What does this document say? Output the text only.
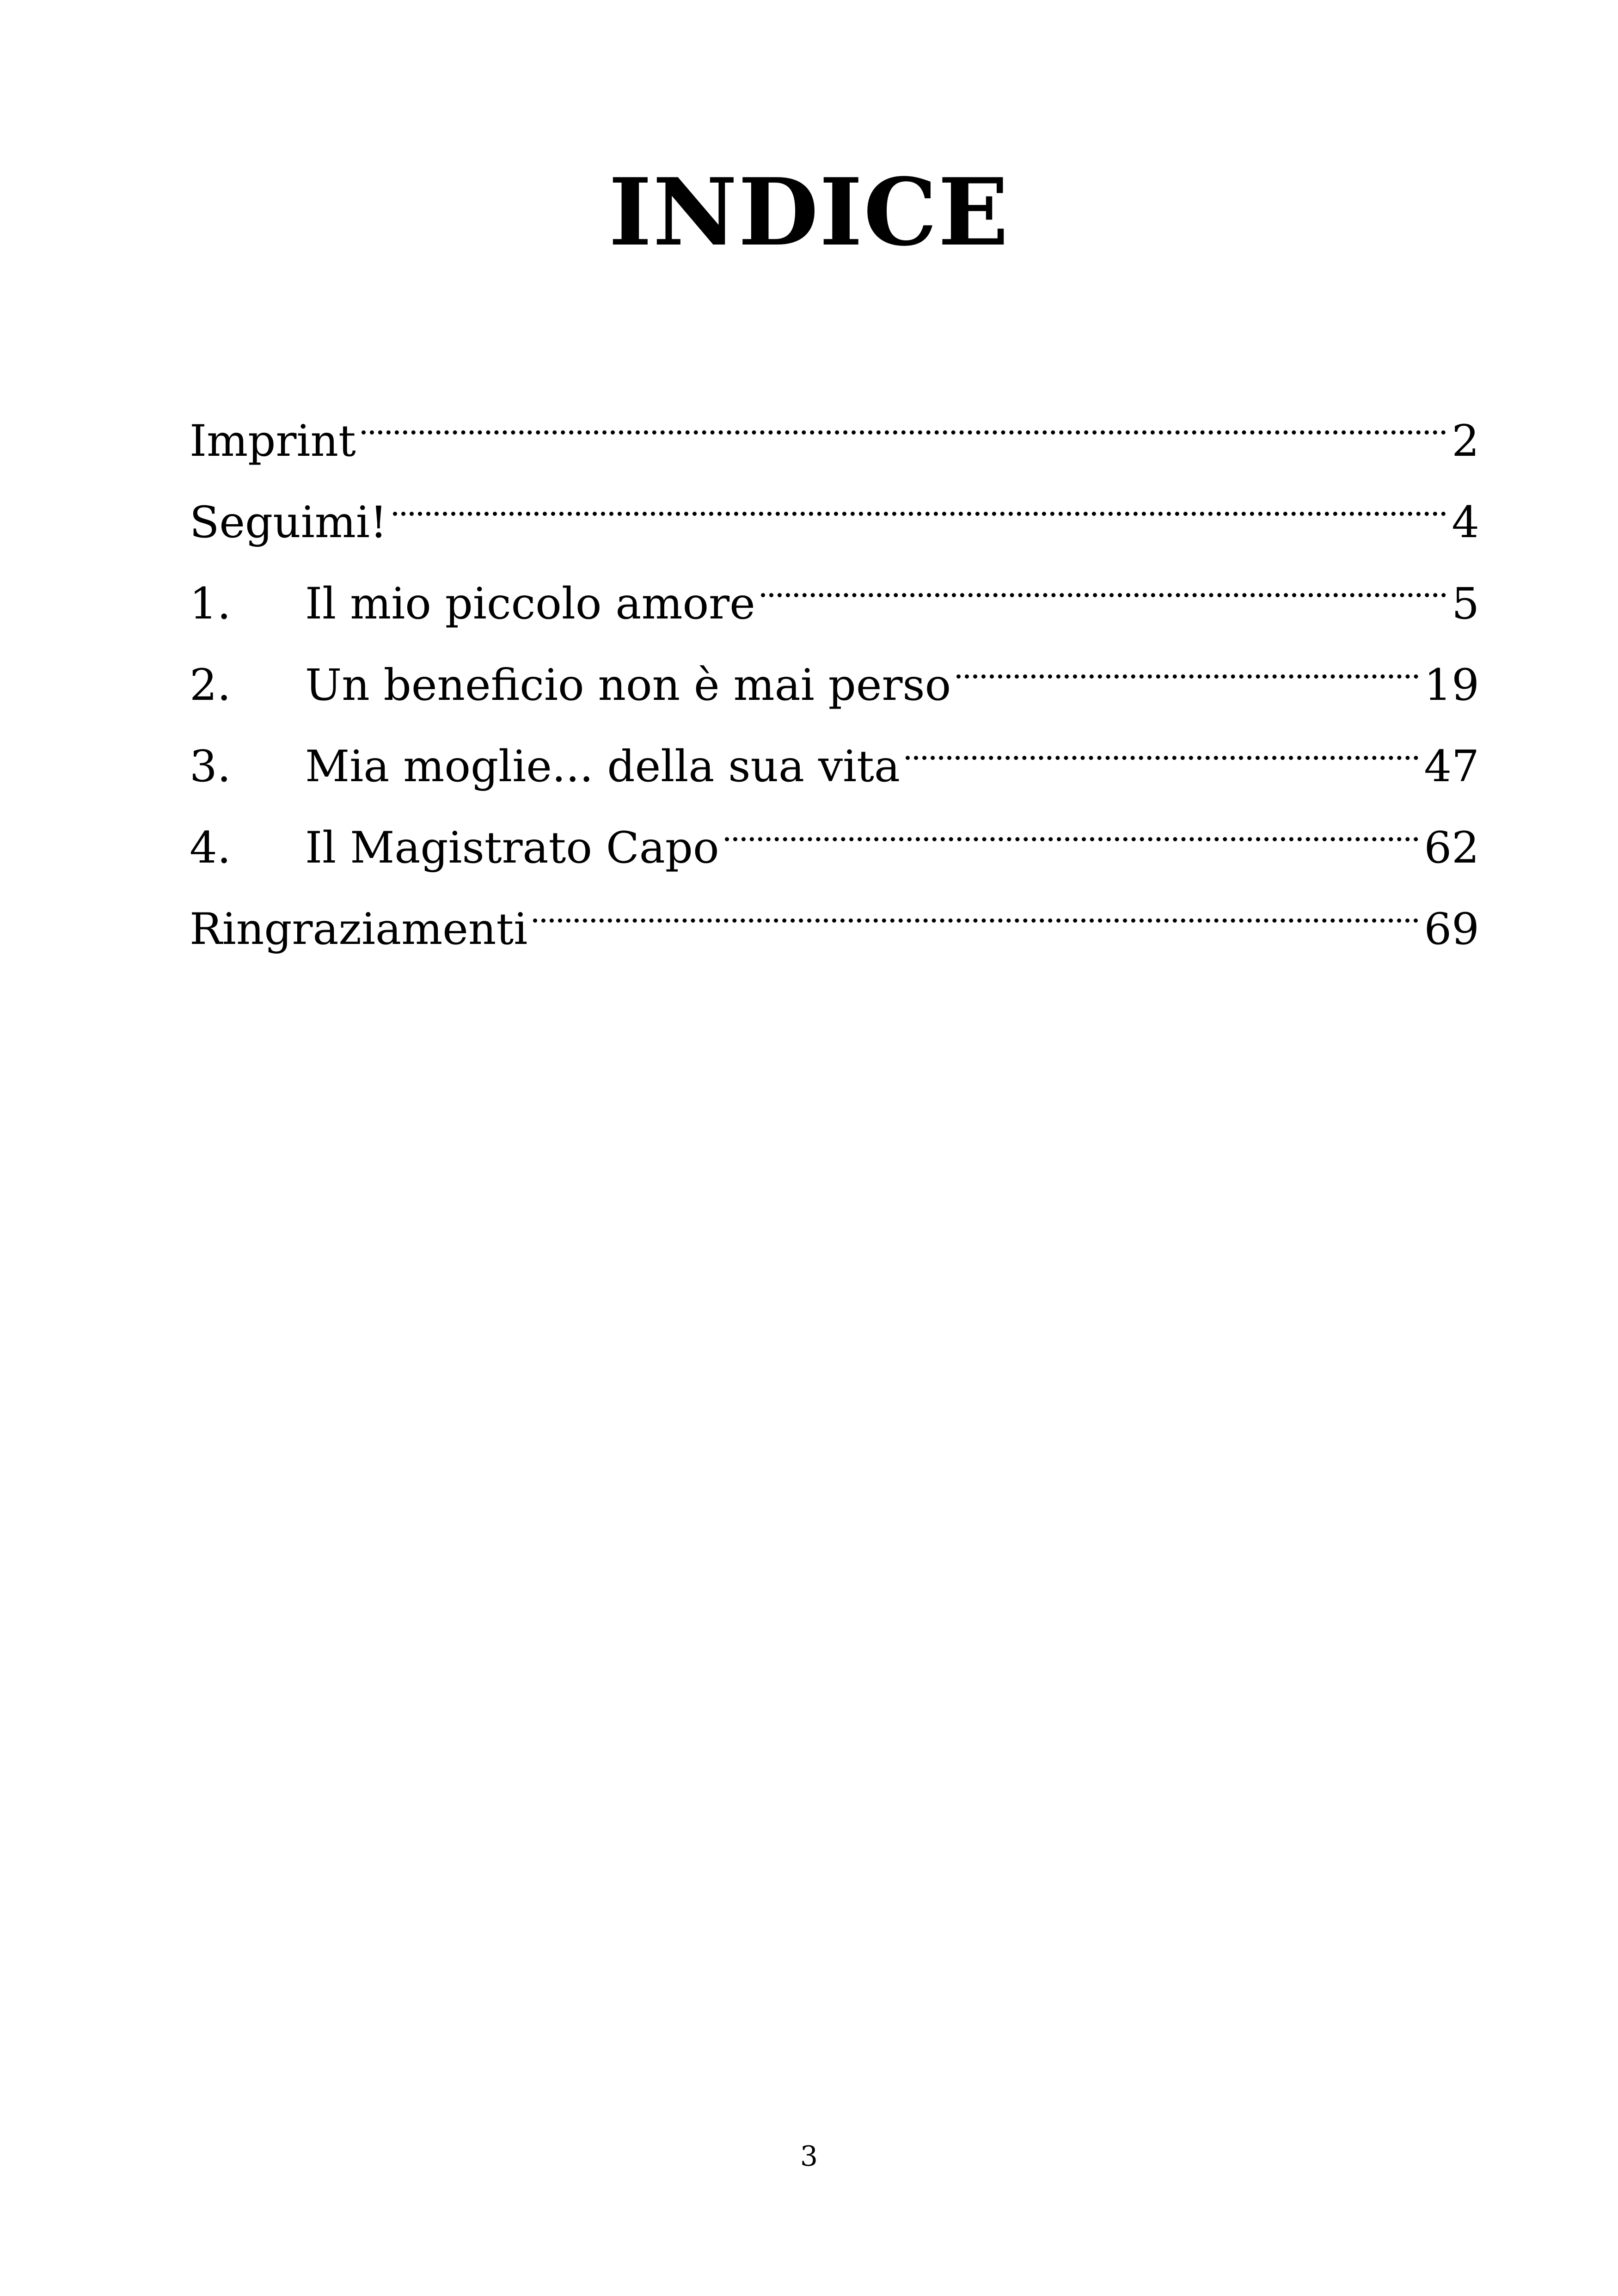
INDICE
Imprint	2
Seguimi!	4
1.	Il mio piccolo amore	5
2.	Un beneficio non è mai perso	19
3.	Mia moglie... della sua vita	47
4.	Il Magistrato Capo	62
Ringraziamenti	69
3
